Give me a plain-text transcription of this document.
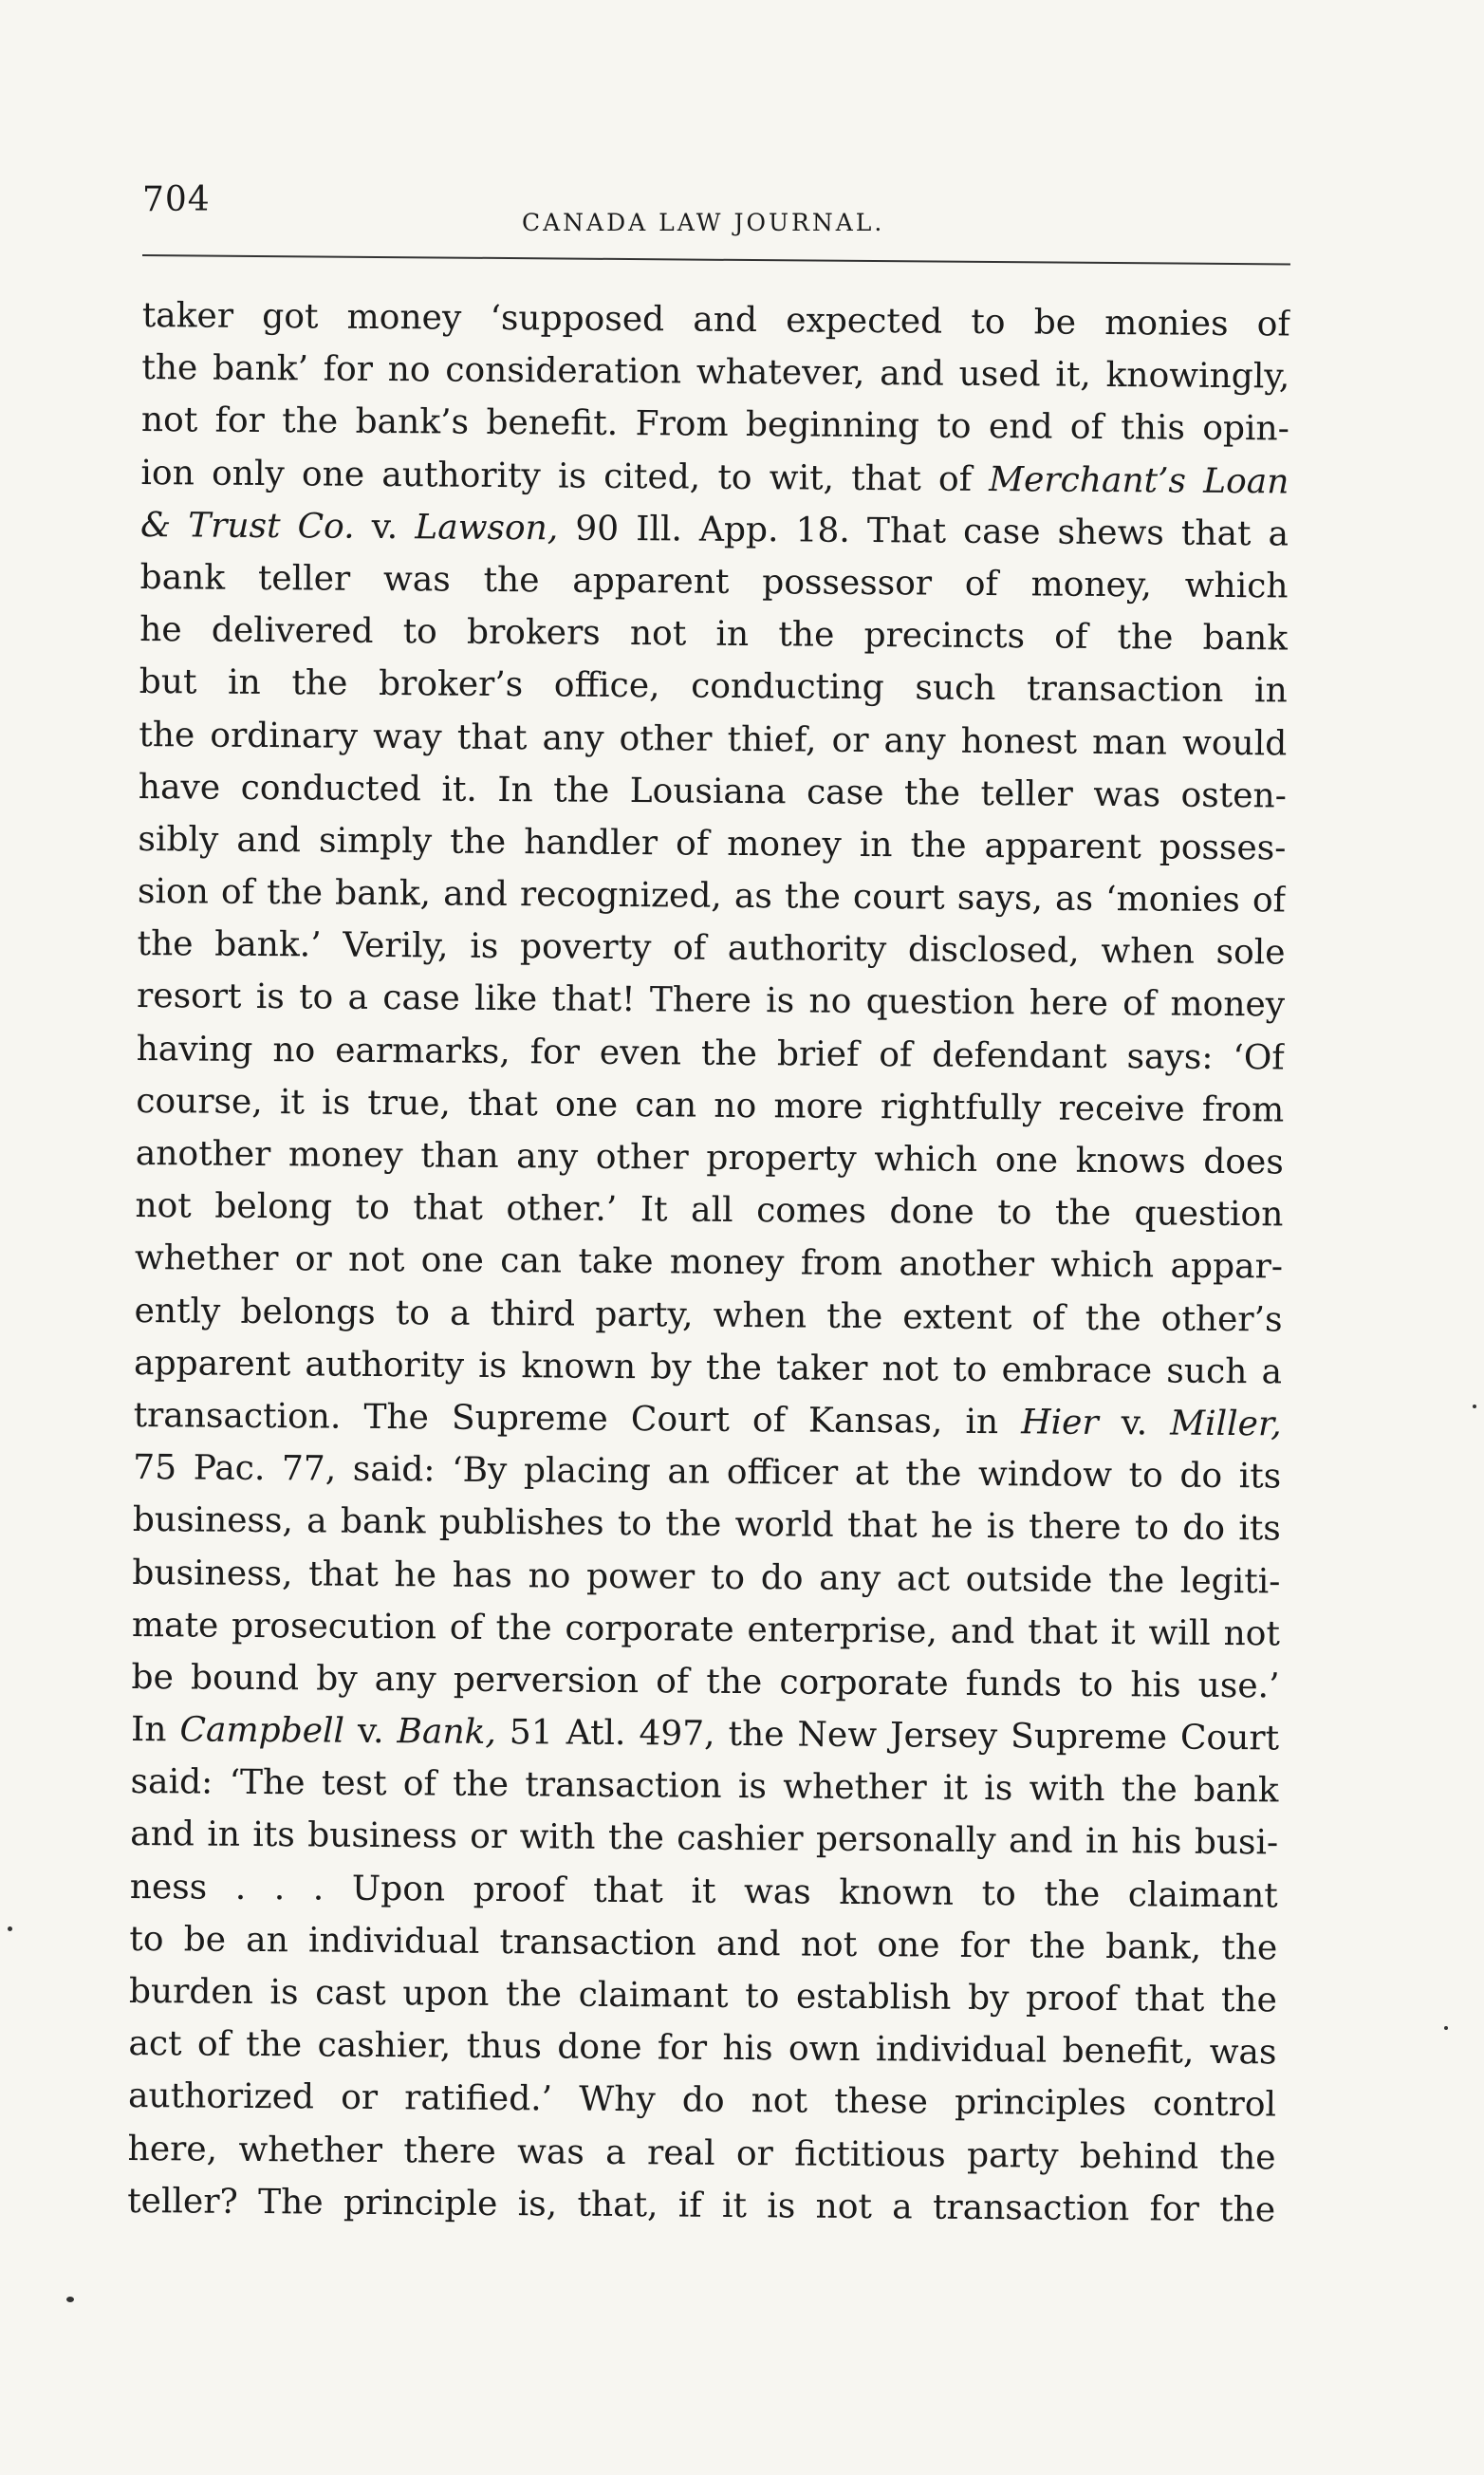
704
CANADA LAW JOURNAL.
taker got money ‘supposed and expected to be monies of
the bank’ for no consideration whatever, and used it, knowingly,
not for the bank’s benefit. From beginning to end of this opin-
ion only one authority is cited, to wit, that of Merchant’s Loan
& Trust Co. v. Lawson, 90 Ill. App. 18. That case shews that a
bank teller was the apparent possessor of money, which
he delivered to brokers not in the precincts of the bank
but in the broker’s office, conducting such transaction in
the ordinary way that any other thief, or any honest man would
have conducted it. In the Lousiana case the teller was osten-
sibly and simply the handler of money in the apparent posses-
sion of the bank, and recognized, as the court says, as ‘monies of
the bank.’ Verily, is poverty of authority disclosed, when sole
resort is to a case like that! There is no question here of money
having no earmarks, for even the brief of defendant says: ‘Of
course, it is true, that one can no more rightfully receive from
another money than any other property which one knows does
not belong to that other.’ It all comes done to the question
whether or not one can take money from another which appar-
ently belongs to a third party, when the extent of the other’s
apparent authority is known by the taker not to embrace such a
transaction. The Supreme Court of Kansas, in Hier v. Miller,
75 Pac. 77, said: ‘By placing an officer at the window to do its
business, a bank publishes to the world that he is there to do its
business, that he has no power to do any act outside the legiti-
mate prosecution of the corporate enterprise, and that it will not
be bound by any perversion of the corporate funds to his use.’
In Campbell v. Bank, 51 Atl. 497, the New Jersey Supreme Court
said: ‘The test of the transaction is whether it is with the bank
and in its business or with the cashier personally and in his busi-
ness . . . Upon proof that it was known to the claimant
to be an individual transaction and not one for the bank, the
burden is cast upon the claimant to establish by proof that the
act of the cashier, thus done for his own individual benefit, was
authorized or ratified.’ Why do not these principles control
here, whether there was a real or fictitious party behind the
teller? The principle is, that, if it is not a transaction for the
